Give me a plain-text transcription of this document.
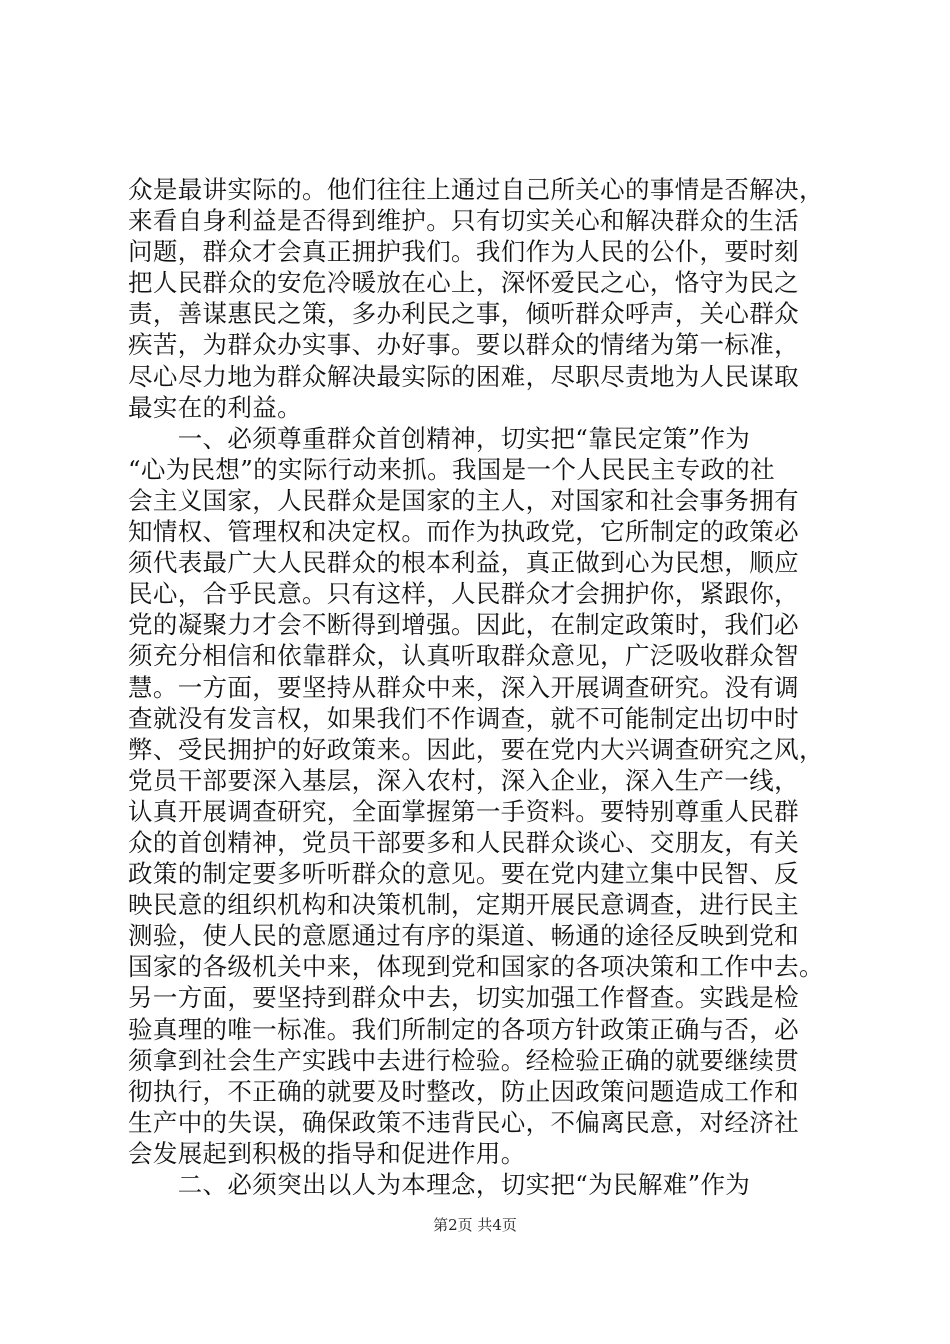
众是最讲实际的。他们往往上通过自己所关心的事情是否解决，
来看自身利益是否得到维护。只有切实关心和解决群众的生活
问题，群众才会真正拥护我们。我们作为人民的公仆，要时刻
把人民群众的安危冷暖放在心上，深怀爱民之心，恪守为民之
责，善谋惠民之策，多办利民之事，倾听群众呼声，关心群众
疾苦，为群众办实事、办好事。要以群众的情绪为第一标准，
尽心尽力地为群众解决最实际的困难，尽职尽责地为人民谋取
最实在的利益。
　　一、必须尊重群众首创精神，切实把“靠民定策”作为
“心为民想”的实际行动来抓。我国是一个人民民主专政的社
会主义国家，人民群众是国家的主人，对国家和社会事务拥有
知情权、管理权和决定权。而作为执政党，它所制定的政策必
须代表最广大人民群众的根本利益，真正做到心为民想，顺应
民心，合乎民意。只有这样，人民群众才会拥护你，紧跟你，
党的凝聚力才会不断得到增强。因此，在制定政策时，我们必
须充分相信和依靠群众，认真听取群众意见，广泛吸收群众智
慧。一方面，要坚持从群众中来，深入开展调查研究。没有调
查就没有发言权，如果我们不作调查，就不可能制定出切中时
弊、受民拥护的好政策来。因此，要在党内大兴调查研究之风，
党员干部要深入基层，深入农村，深入企业，深入生产一线，
认真开展调查研究，全面掌握第一手资料。要特别尊重人民群
众的首创精神，党员干部要多和人民群众谈心、交朋友，有关
政策的制定要多听听群众的意见。要在党内建立集中民智、反
映民意的组织机构和决策机制，定期开展民意调查，进行民主
测验，使人民的意愿通过有序的渠道、畅通的途径反映到党和
国家的各级机关中来，体现到党和国家的各项决策和工作中去。
另一方面，要坚持到群众中去，切实加强工作督查。实践是检
验真理的唯一标准。我们所制定的各项方针政策正确与否，必
须拿到社会生产实践中去进行检验。经检验正确的就要继续贯
彻执行，不正确的就要及时整改，防止因政策问题造成工作和
生产中的失误，确保政策不违背民心，不偏离民意，对经济社
会发展起到积极的指导和促进作用。
　　二、必须突出以人为本理念，切实把“为民解难”作为
第2页 共4页
